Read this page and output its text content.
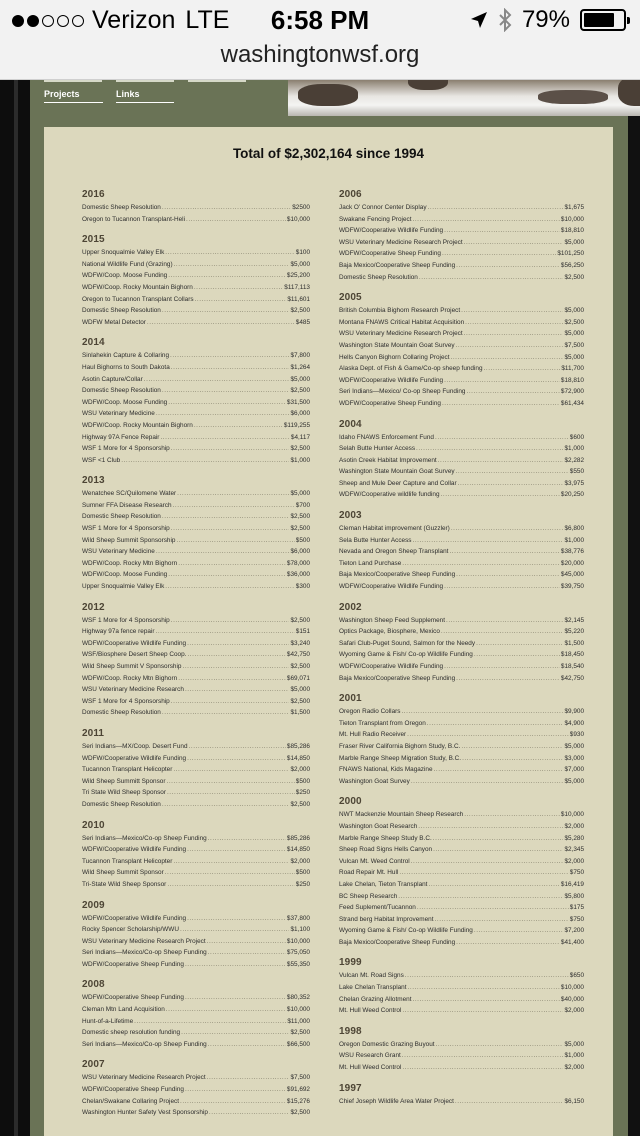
Verizon LTE	6:58 PM	79%
washingtonwsf.org
Projects	Links
Total of $2,302,164 since 1994
2016
Domestic Sheep Resolution . . .	$2500
Oregon to Tucannon Transplant-Heli . . .	$10,000
2015
Upper Snoqualmie Valley Elk . . .	$100
National Wildlife Fund (Grazing) . . .	$5,000
WDFW/Coop. Moose Funding . . .	$25,200
WDFW/Coop. Rocky Mountain Bighorn . . .	$117,113
Oregon to Tucannon Transplant Collars . . .	$11,601
Domestic Sheep Resolution . . .	$2,500
WDFW Metal Detector . . .	$485
2014
Sinlahekin Capture & Collaring . . .	$7,800
Haul Bighorns to South Dakota . . .	$1,264
Asotin Capture/Collar . . .	$5,000
Domestic Sheep Resolution . . .	$2,500
WDFW/Coop. Moose Funding . . .	$31,500
WSU Veterinary Medicine . . .	$6,000
WDFW/Coop. Rocky Mountain Bighorn . . .	$119,255
Highway 97A Fence Repair . . .	$4,117
WSF 1 More for 4 Sponsorship . . .	$2,500
WSF <1 Club . . .	$1,000
2013
Wenatchee SC/Quilomene Water . . .	$5,000
Sumner FFA Disease Research . . .	$700
Domestic Sheep Resolution . . .	$2,500
WSF 1 More for 4 Sponsorship . . .	$2,500
Wild Sheep Summit Sponsorship . . .	$500
WSU Veterinary Medicine . . .	$6,000
WDFW/Coop. Rocky Mtn Bighorn . . .	$78,000
WDFW/Coop. Moose Funding . . .	$36,000
Upper Snoqualmie Valley Elk . . .	$300
2012
WSF 1 More for 4 Sponsorship . . .	$2,500
Highway 97a fence repair . . .	$151
WDFW/Cooperative Wildlife Funding . . .	$3,240
WSF/Biosphere Desert Sheep Coop. . . .	$42,750
Wild Sheep Summit V Sponsorship . . .	$2,500
WDFW/Coop. Rocky Mtn Bighorn . . .	$69,071
WSU Veterinary Medicine Research . . .	$5,000
WSF 1 More for 4 Sponsorship . . .	$2,500
Domestic Sheep Resolution . . .	$1,500
2011
Seri Indians—MX/Coop. Desert Fund . . .	$85,286
WDFW/Cooperative Wildlife Funding . . .	$14,850
Tucannon Transplant Helicopter . . .	$2,000
Wild Sheep Summitt Sponsor . . .	$500
Tri State Wild Sheep Sponsor . . .	$250
Domestic Sheep Resolution . . .	$2,500
2010
Seri Indians—Mexico/Co-op Sheep Funding . . .	$85,286
WDFW/Cooperative Wildlife Funding . . .	$14,850
Tucannon Transplant Helicopter . . .	$2,000
Wild Sheep Summit Sponsor . . .	$500
Tri-State Wild Sheep Sponsor . . .	$250
2009
WDFW/Cooperative Wildlife Funding . . .	$37,800
Rocky Spencer Scholarship/WWU . . .	$1,100
WSU Veterinary Medicine Research Project . . .	$10,000
Seri Indians—Mexico/Co-op Sheep Funding . . .	$75,050
WDFW/Cooperative Sheep Funding . . .	$55,350
2008
WDFW/Cooperative Sheep Funding . . .	$80,352
Cleman Mtn Land Acquisition . . .	$10,000
Hunt-of-a-Lifetime . . .	$11,000
Domestic sheep resolution funding . . .	$2,500
Seri Indians—Mexico/Co-op Sheep Funding . . .	$66,500
2007
WSU Veterinary Medicine Research Project . . .	$7,500
WDFW/Cooperative Sheep Funding . . .	$91,692
Chelan/Swakane Collaring Project . . .	$15,276
Washington Hunter Safety Vest Sponsorship . . .	$2,500
2006
Jack O' Connor Center Display . . .	$1,675
Swakane Fencing Project . . .	$10,000
WDFW/Cooperative Wildlife Funding . . .	$18,810
WSU Veterinary Medicine Research Project . . .	$5,000
WDFW/Cooperative Sheep Funding . . .	$101,250
Baja Mexico/Cooperative Sheep Funding . . .	$56,250
Domestic Sheep Resolution . . .	$2,500
2005
British Columbia Bighorn Research Project . . .	$5,000
Montana FNAWS Critical Habitat Acquisition . . .	$2,500
WSU Veterinary Medicine Research Project . . .	$5,000
Washington State Mountain Goat Survey . . .	$7,500
Hells Canyon Bighorn Collaring Project . . .	$5,000
Alaska Dept. of Fish & Game/Co-op sheep funding . . .	$11,700
WDFW/Cooperative Wildlife Funding . . .	$18,810
Seri Indians—Mexico/ Co-op Sheep Funding . . .	$72,900
WDFW/Cooperative Sheep Funding . . .	$61,434
2004
Idaho FNAWS Enforcement Fund . . .	$600
Selah Butte Hunter Access . . .	$1,000
Asotin Creek Habitat Improvement . . .	$2,282
Washington State Mountain Goat Survey . . .	$550
Sheep and Mule Deer Capture and Collar . . .	$3,975
WDFW/Cooperative wildlife funding . . .	$20,250
2003
Cleman Habitat improvement (Guzzler) . . .	$6,800
Sela Butte Hunter Access . . .	$1,000
Nevada and Oregon Sheep Transplant . . .	$38,776
Tieton Land Purchase . . .	$20,000
Baja Mexico/Cooperative Sheep Funding . . .	$45,000
WDFW/Cooperative Wildlife Funding . . .	$39,750
2002
Washington Sheep Feed Supplement . . .	$2,145
Optics Package, Biosphere, Mexico . . .	$5,220
Safari Club-Puget Sound, Salmon for the Needy . . .	$1,500
Wyoming Game & Fish/ Co-op Wildlife Funding . . .	$18,450
WDFW/Cooperative Wildlife Funding . . .	$18,540
Baja Mexico/Cooperative Sheep Funding . . .	$42,750
2001
Oregon Radio Collars . . .	$9,900
Tieton Transplant from Oregon . . .	$4,900
Mt. Hull Radio Receiver . . .	$930
Fraser River California Bighorn Study, B.C. . . .	$5,000
Marble Range Sheep Migration Study, B.C. . . .	$3,000
FNAWS National, Kids Magazine . . .	$7,000
Washington Goat Survey . . .	$5,000
2000
NWT Mackenzie Mountain Sheep Research . . .	$10,000
Washington Goat Research . . .	$2,000
Marble Range Sheep Study B.C. . . .	$5,280
Sheep Road Signs Hells Canyon . . .	$2,345
Vulcan Mt. Weed Control . . .	$2,000
Road Repair Mt. Hull . . .	$750
Lake Chelan, Tieton Transplant . . .	$16,419
BC Sheep Research . . .	$5,800
Feed Suplement/Tucannon . . .	$175
Strand berg Habitat Improvement . . .	$750
Wyoming Game & Fish/ Co-op Wildlife Funding . . .	$7,200
Baja Mexico/Cooperative Sheep Funding . . .	$41,400
1999
Vulcan Mt. Road Signs . . .	$650
Lake Chelan Transplant . . .	$10,000
Chelan Grazing Allotment . . .	$40,000
Mt. Hull Weed Control . . .	$2,000
1998
Oregon Domestic Grazing Buyout . . .	$5,000
WSU Research Grant . . .	$1,000
Mt. Hull Weed Control . . .	$2,000
1997
Chief Joseph Wildlife Area Water Project . . .	$6,150
